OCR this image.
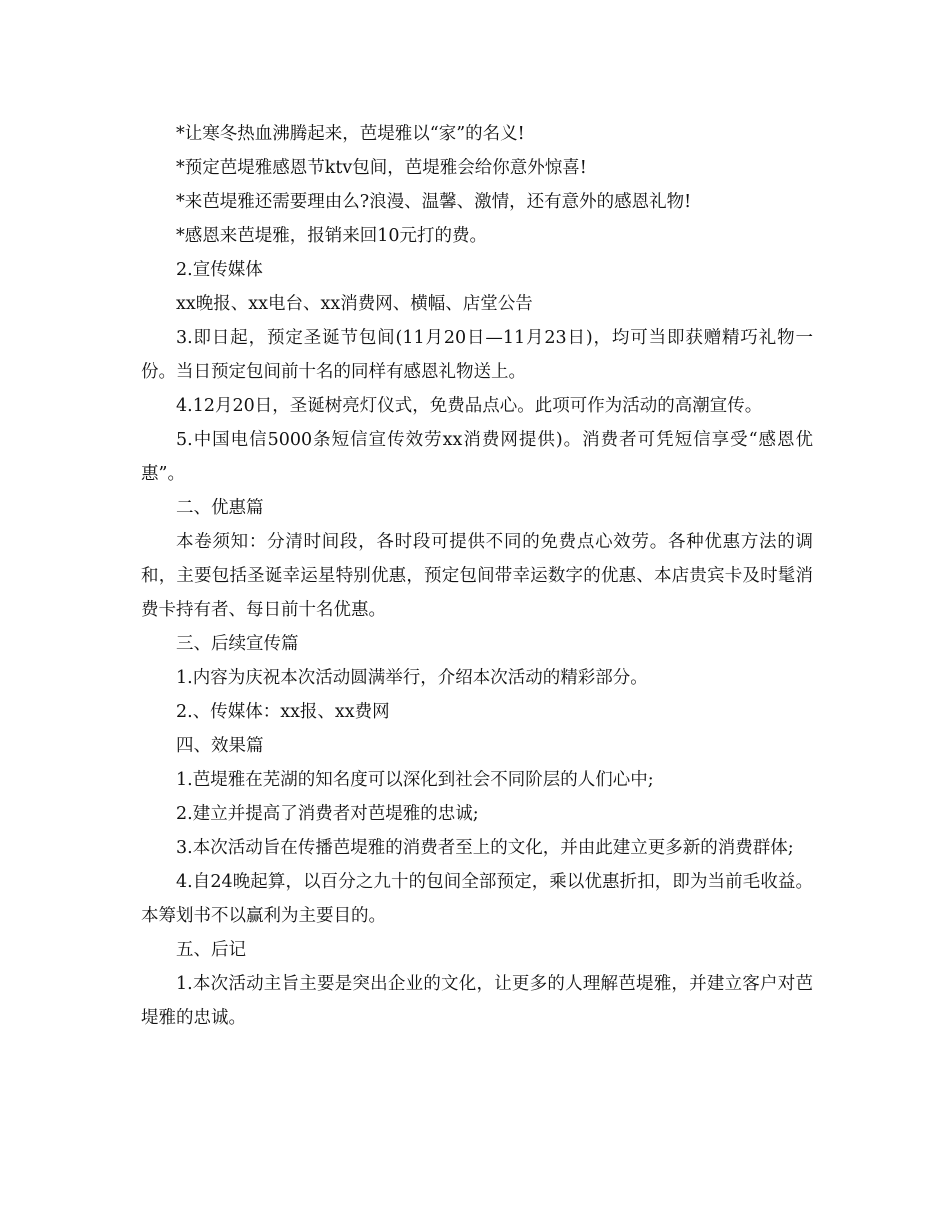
*让寒冬热血沸腾起来，芭堤雅以“家”的名义!

*预定芭堤雅感恩节ktv包间，芭堤雅会给你意外惊喜!

*来芭堤雅还需要理由么?浪漫、温馨、激情，还有意外的感恩礼物!

*感恩来芭堤雅，报销来回10元打的费。

2.宣传媒体

xx晚报、xx电台、xx消费网、横幅、店堂公告

3.即日起，预定圣诞节包间(11月20日—11月23日)，均可当即获赠精巧礼物一份。当日预定包间前十名的同样有感恩礼物送上。

4.12月20日，圣诞树亮灯仪式，免费品点心。此项可作为活动的高潮宣传。

5.中国电信5000条短信宣传效劳xx消费网提供)。消费者可凭短信享受“感恩优惠”。

二、优惠篇

本卷须知：分清时间段，各时段可提供不同的免费点心效劳。各种优惠方法的调和，主要包括圣诞幸运星特别优惠，预定包间带幸运数字的优惠、本店贵宾卡及时髦消费卡持有者、每日前十名优惠。

三、后续宣传篇

1.内容为庆祝本次活动圆满举行，介绍本次活动的精彩部分。

2.、传媒体：xx报、xx费网

四、效果篇

1.芭堤雅在芜湖的知名度可以深化到社会不同阶层的人们心中;

2.建立并提高了消费者对芭堤雅的忠诚;

3.本次活动旨在传播芭堤雅的消费者至上的文化，并由此建立更多新的消费群体;

4.自24晚起算，以百分之九十的包间全部预定，乘以优惠折扣，即为当前毛收益。本筹划书不以赢利为主要目的。

五、后记

1.本次活动主旨主要是突出企业的文化，让更多的人理解芭堤雅，并建立客户对芭堤雅的忠诚。
